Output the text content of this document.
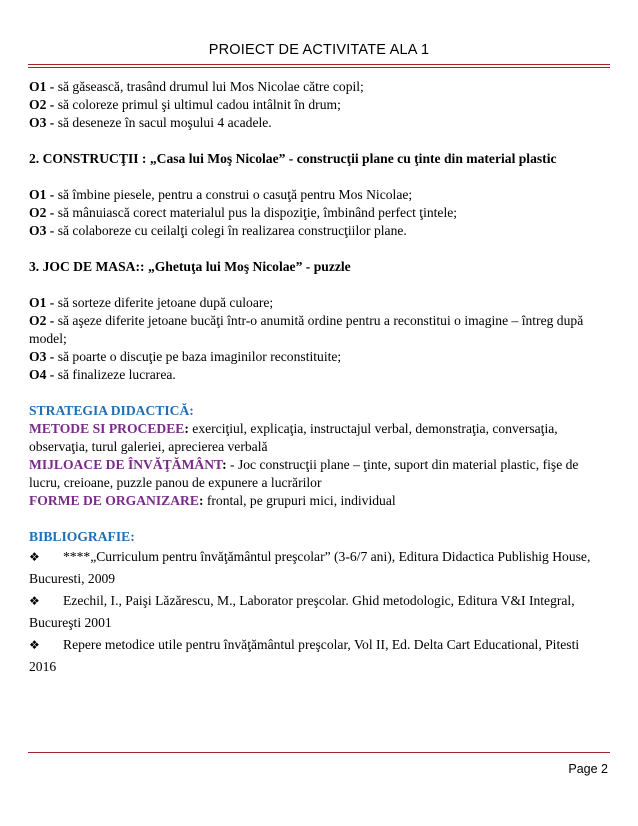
PROIECT DE ACTIVITATE ALA 1
O1 - să găsească, trasând drumul lui Mos Nicolae către copil;
O2 - să coloreze primul şi ultimul cadou intâlnit în drum;
O3 - să deseneze în sacul moşului 4 acadele.
2. CONSTRUCŢII : „Casa lui Moş Nicolae” - construcţii plane cu ţinte din material plastic
O1 - să îmbine piesele, pentru a construi o casuţă pentru Mos Nicolae;
O2 - să mânuiască corect materialul pus la dispoziţie, îmbinând perfect ţintele;
O3 - să colaboreze cu ceilalţi colegi în realizarea construcţiilor plane.
3. JOC DE MASA:: „Ghetuţa lui Moş Nicolae” - puzzle
O1 - să sorteze diferite jetoane după culoare;
O2 - să aşeze diferite jetoane bucăţi într-o anumită ordine pentru a reconstitui o imagine – întreg după model;
O3 - să poarte o discuţie pe baza imaginilor reconstituite;
O4 - să finalizeze lucrarea.
STRATEGIA DIDACTICĂ:
METODE SI PROCEDEE: exerciţiul, explicaţia, instructajul verbal, demonstraţia, conversaţia, observaţia, turul galeriei, aprecierea verbală
MIJLOACE DE ÎNVĂŢĂMÂNT: - Joc construcţii plane – ţinte, suport din material plastic, fişe de lucru, creioane, puzzle panou de expunere a lucrărilor
FORME DE ORGANIZARE: frontal, pe grupuri mici, individual
BIBLIOGRAFIE:
❖ ****„Curriculum pentru învăţământul preşcolar” (3-6/7 ani), Editura Didactica Publishig House, Bucuresti, 2009
❖ Ezechil, I., Paişi Lăzărescu, M., Laborator preşcolar. Ghid metodologic, Editura V&I Integral, Bucureşti 2001
❖ Repere metodice utile pentru învăţământul preşcolar, Vol II, Ed. Delta Cart Educational, Pitesti 2016
Page 2
